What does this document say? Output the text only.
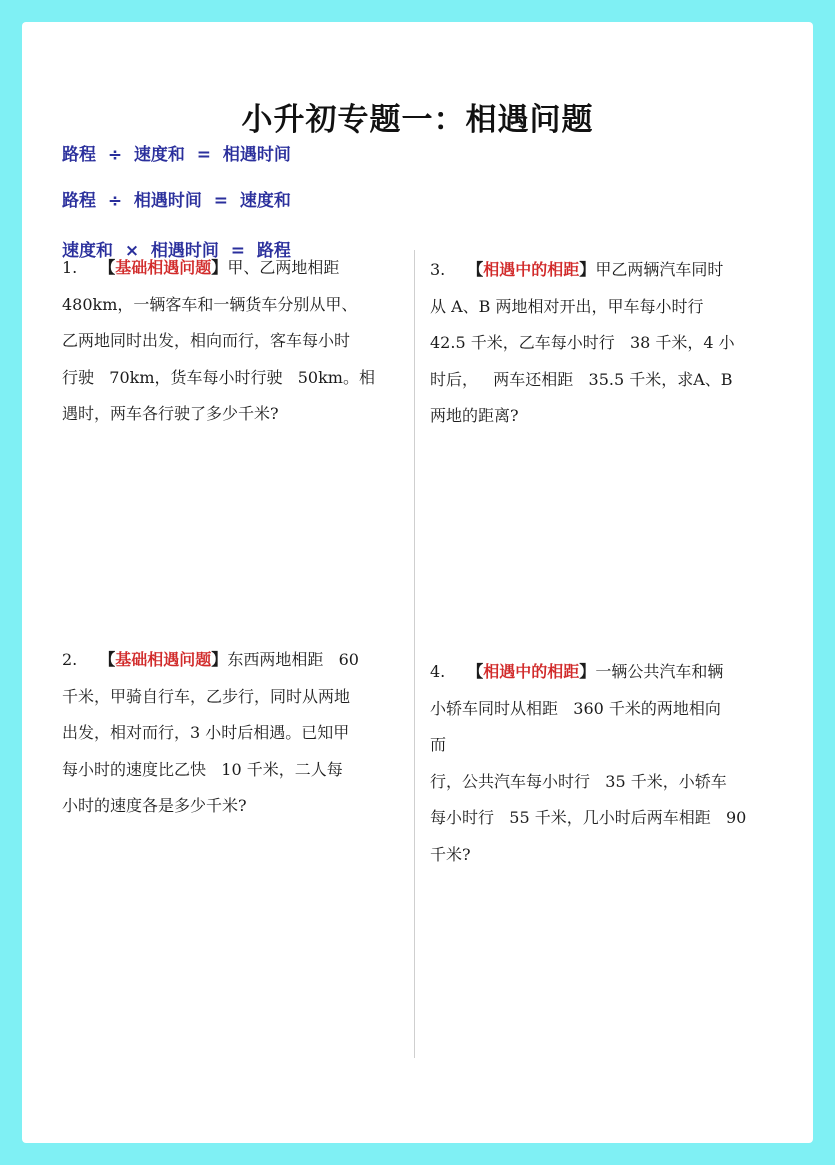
小升初专题一：相遇问题
路程  ÷  速度和  =  相遇时间
路程  ÷  相遇时间  =  速度和
速度和  ×  相遇时间  =  路程
1. 【基础相遇问题】甲、乙两地相距
480km，一辆客车和一辆货车分别从甲、
乙两地同时出发，相向而行，客车每小时
行驶   70km，货车每小时行驶   50km。相
遇时，两车各行驶了多少千米?
2. 【基础相遇问题】东西两地相距   60
千米，甲骑自行车，乙步行，同时从两地
出发，相对而行，3 小时后相遇。已知甲
每小时的速度比乙快   10 千米，二人每
小时的速度各是多少千米?
3. 【相遇中的相距】甲乙两辆汽车同时
从 A、B 两地相对开出，甲车每小时行
42.5 千米，乙车每小时行   38 千米，4 小
时后，   两车还相距   35.5 千米，求A、B
两地的距离?
4. 【相遇中的相距】一辆公共汽车和辆
小轿车同时从相距   360 千米的两地相向
而
行，公共汽车每小时行   35 千米，小轿车
每小时行   55 千米，几小时后两车相距   90
千米?
